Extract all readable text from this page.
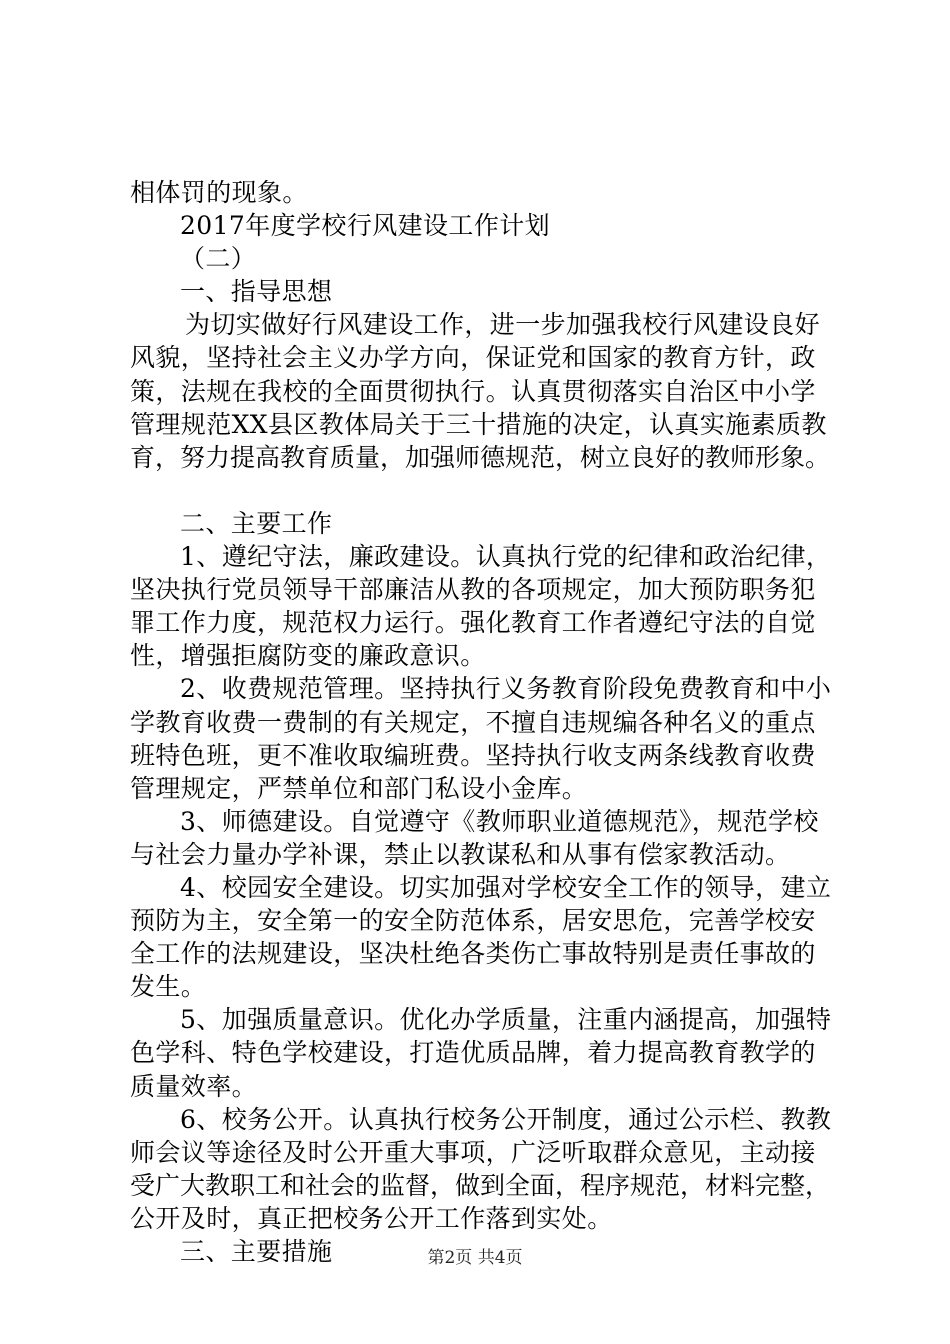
相体罚的现象。
2017年度学校行风建设工作计划
（二）
一、指导思想
为切实做好行风建设工作，进一步加强我校行风建设良好
风貌，坚持社会主义办学方向，保证党和国家的教育方针，政
策，法规在我校的全面贯彻执行。认真贯彻落实自治区中小学
管理规范XX县区教体局关于三十措施的决定，认真实施素质教
育，努力提高教育质量，加强师德规范，树立良好的教师形象。
二、主要工作
1、遵纪守法，廉政建设。认真执行党的纪律和政治纪律，
坚决执行党员领导干部廉洁从教的各项规定，加大预防职务犯
罪工作力度，规范权力运行。强化教育工作者遵纪守法的自觉
性，增强拒腐防变的廉政意识。
2、收费规范管理。坚持执行义务教育阶段免费教育和中小
学教育收费一费制的有关规定，不擅自违规编各种名义的重点
班特色班，更不准收取编班费。坚持执行收支两条线教育收费
管理规定，严禁单位和部门私设小金库。
3、师德建设。自觉遵守《教师职业道德规范》，规范学校
与社会力量办学补课，禁止以教谋私和从事有偿家教活动。
4、校园安全建设。切实加强对学校安全工作的领导，建立
预防为主，安全第一的安全防范体系，居安思危，完善学校安
全工作的法规建设，坚决杜绝各类伤亡事故特别是责任事故的
发生。
5、加强质量意识。优化办学质量，注重内涵提高，加强特
色学科、特色学校建设，打造优质品牌，着力提高教育教学的
质量效率。
6、校务公开。认真执行校务公开制度，通过公示栏、教教
师会议等途径及时公开重大事项，广泛听取群众意见，主动接
受广大教职工和社会的监督，做到全面，程序规范，材料完整，
公开及时，真正把校务公开工作落到实处。
三、主要措施	第2页 共4页
